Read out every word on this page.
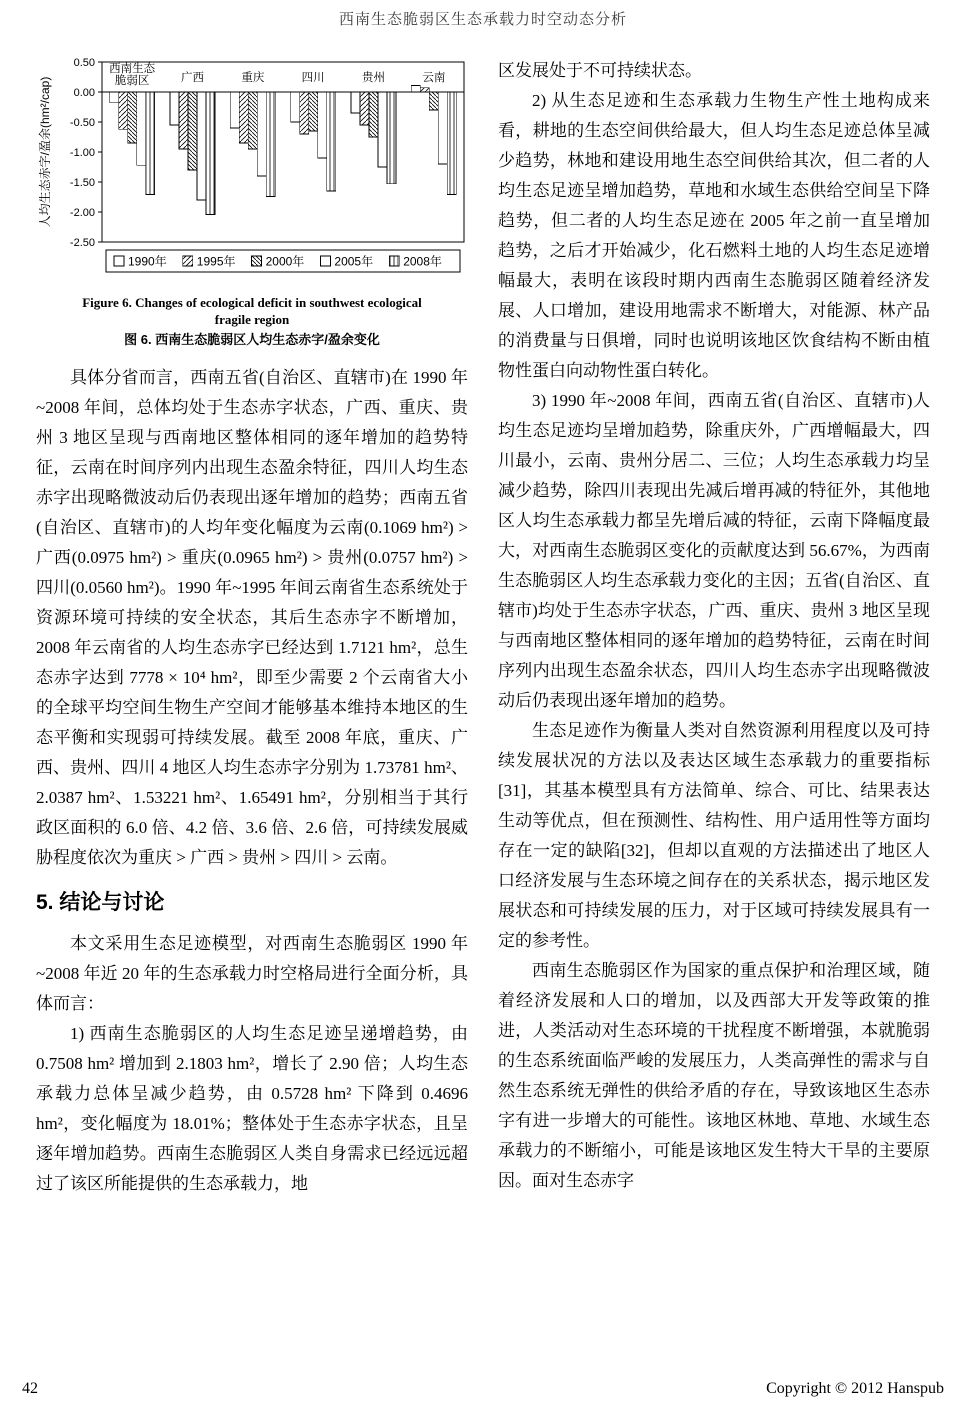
西南生态脆弱区生态承载力时空动态分析
0.50
0.00
-0.50
-1.00
-1.50
-2.00
-2.50
西南生态
脆弱区	广西	重庆	四川	贵州	云南
1990年	1995年	2000年	2005年	2008年
人均生态赤字/盈余(hm²/cap)
Figure 6. Changes of ecological deficit in southwest ecological
fragile region
图 6. 西南生态脆弱区人均生态赤字/盈余变化

具体分省而言，西南五省(自治区、直辖市)在 1990 年~2008 年间，总体均处于生态赤字状态，广西、重庆、贵州 3 地区呈现与西南地区整体相同的逐年增加的趋势特征，云南在时间序列内出现生态盈余特征，四川人均生态赤字出现略微波动后仍表现出逐年增加的趋势；西南五省(自治区、直辖市)的人均年变化幅度为云南(0.1069 hm²) > 广西(0.0975 hm²) > 重庆(0.0965 hm²) > 贵州(0.0757 hm²) > 四川(0.0560 hm²)。1990 年~1995 年间云南省生态系统处于资源环境可持续的安全状态，其后生态赤字不断增加，2008 年云南省的人均生态赤字已经达到 1.7121 hm²，总生态赤字达到 7778 × 10⁴ hm²，即至少需要 2 个云南省大小的全球平均空间生物生产空间才能够基本维持本地区的生态平衡和实现弱可持续发展。截至 2008 年底，重庆、广西、贵州、四川 4 地区人均生态赤字分别为 1.73781 hm²、2.0387 hm²、1.53221 hm²、1.65491 hm²，分别相当于其行政区面积的 6.0 倍、4.2 倍、3.6 倍、2.6 倍，可持续发展威胁程度依次为重庆 > 广西 > 贵州 > 四川 > 云南。

5. 结论与讨论

本文采用生态足迹模型，对西南生态脆弱区 1990 年~2008 年近 20 年的生态承载力时空格局进行全面分析，具体而言：

1) 西南生态脆弱区的人均生态足迹呈递增趋势，由 0.7508 hm² 增加到 2.1803 hm²，增长了 2.90 倍；人均生态承载力总体呈减少趋势，由 0.5728 hm² 下降到 0.4696 hm²，变化幅度为 18.01%；整体处于生态赤字状态，且呈逐年增加趋势。西南生态脆弱区人类自身需求已经远远超过了该区所能提供的生态承载力，地

区发展处于不可持续状态。

2) 从生态足迹和生态承载力生物生产性土地构成来看，耕地的生态空间供给最大，但人均生态足迹总体呈减少趋势，林地和建设用地生态空间供给其次，但二者的人均生态足迹呈增加趋势，草地和水域生态供给空间呈下降趋势，但二者的人均生态足迹在 2005 年之前一直呈增加趋势，之后才开始减少，化石燃料土地的人均生态足迹增幅最大，表明在该段时期内西南生态脆弱区随着经济发展、人口增加，建设用地需求不断增大，对能源、林产品的消费量与日俱增，同时也说明该地区饮食结构不断由植物性蛋白向动物性蛋白转化。

3) 1990 年~2008 年间，西南五省(自治区、直辖市)人均生态足迹均呈增加趋势，除重庆外，广西增幅最大，四川最小，云南、贵州分居二、三位；人均生态承载力均呈减少趋势，除四川表现出先减后增再减的特征外，其他地区人均生态承载力都呈先增后减的特征，云南下降幅度最大，对西南生态脆弱区变化的贡献度达到 56.67%，为西南生态脆弱区人均生态承载力变化的主因；五省(自治区、直辖市)均处于生态赤字状态，广西、重庆、贵州 3 地区呈现与西南地区整体相同的逐年增加的趋势特征，云南在时间序列内出现生态盈余状态，四川人均生态赤字出现略微波动后仍表现出逐年增加的趋势。

生态足迹作为衡量人类对自然资源利用程度以及可持续发展状况的方法以及表达区域生态承载力的重要指标[31]，其基本模型具有方法简单、综合、可比、结果表达生动等优点，但在预测性、结构性、用户适用性等方面均存在一定的缺陷[32]，但却以直观的方法描述出了地区人口经济发展与生态环境之间存在的关系状态，揭示地区发展状态和可持续发展的压力，对于区域可持续发展具有一定的参考性。

西南生态脆弱区作为国家的重点保护和治理区域，随着经济发展和人口的增加，以及西部大开发等政策的推进，人类活动对生态环境的干扰程度不断增强，本就脆弱的生态系统面临严峻的发展压力，人类高弹性的需求与自然生态系统无弹性的供给矛盾的存在，导致该地区生态赤字有进一步增大的可能性。该地区林地、草地、水域生态承载力的不断缩小，可能是该地区发生特大干旱的主要原因。面对生态赤字

42	Copyright © 2012 Hanspub
